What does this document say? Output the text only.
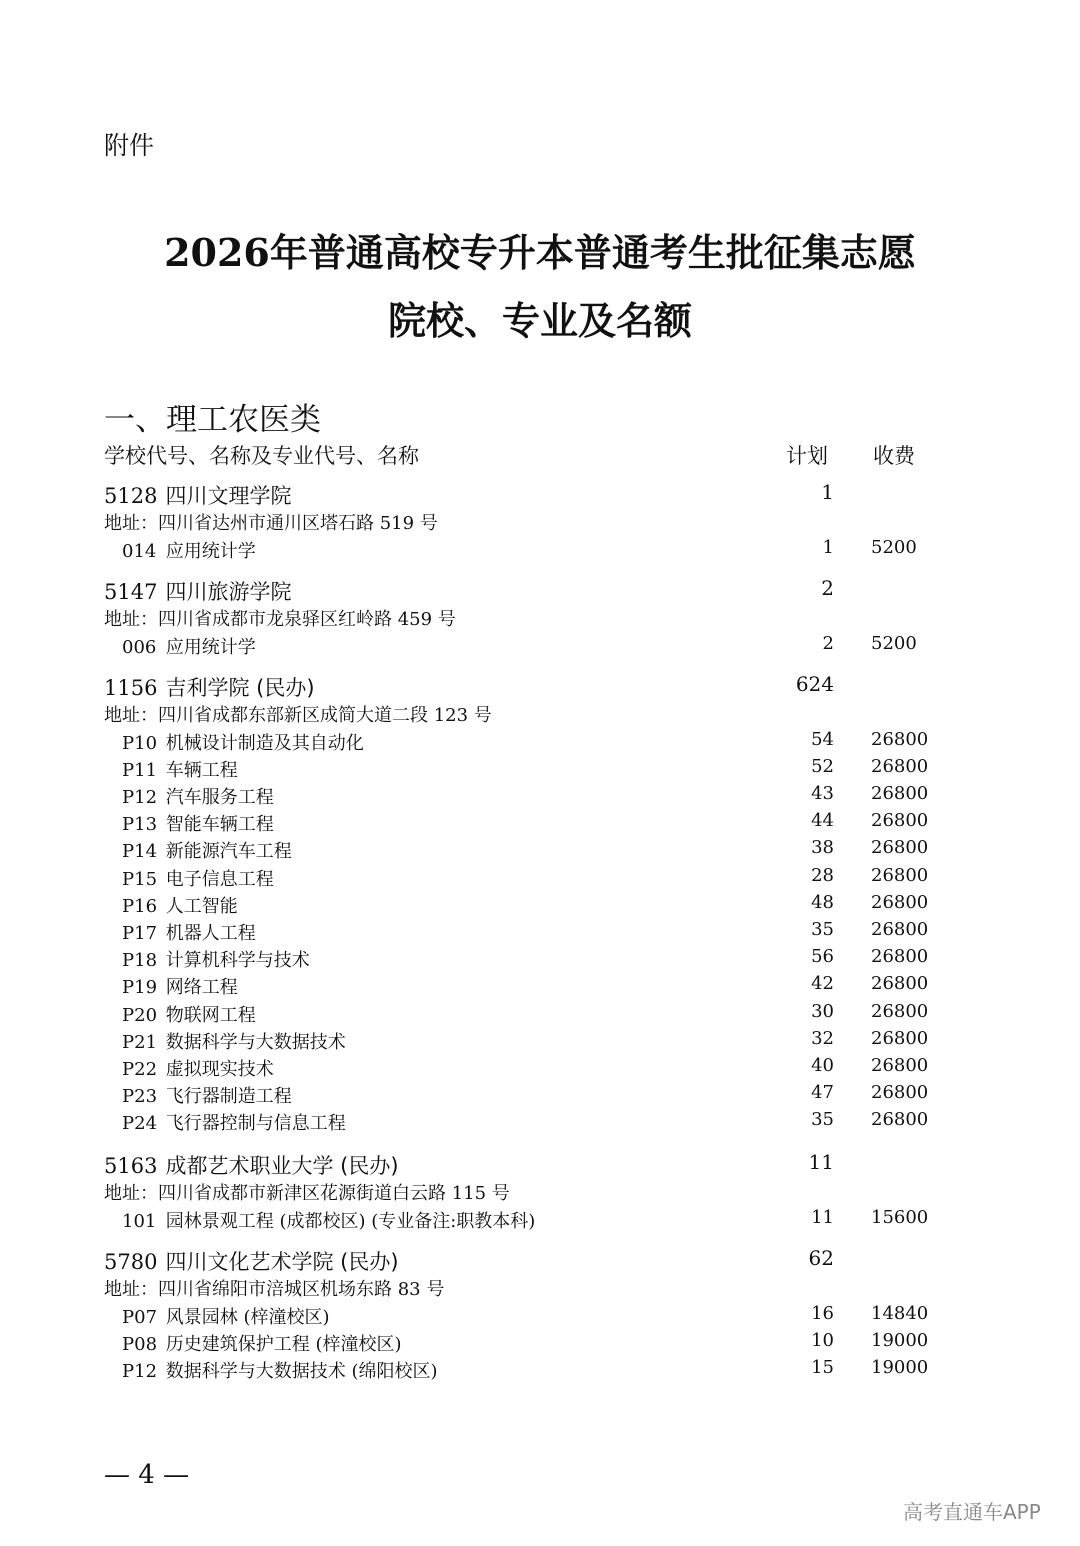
附件
2026年普通高校专升本普通考生批征集志愿
院校、专业及名额
一、理工农医类
学校代号、名称及专业代号、名称	计划 收费
5128 四川文理学院	1
地址：四川省达州市通川区塔石路 519 号
014 应用统计学	1 5200
5147 四川旅游学院	2
地址：四川省成都市龙泉驿区红岭路 459 号
006 应用统计学	2 5200
1156 吉利学院 (民办)	624
地址：四川省成都东部新区成简大道二段 123 号
P10 机械设计制造及其自动化	54 26800
P11 车辆工程	52 26800
P12 汽车服务工程	43 26800
P13 智能车辆工程	44 26800
P14 新能源汽车工程	38 26800
P15 电子信息工程	28 26800
P16 人工智能	48 26800
P17 机器人工程	35 26800
P18 计算机科学与技术	56 26800
P19 网络工程	42 26800
P20 物联网工程	30 26800
P21 数据科学与大数据技术	32 26800
P22 虚拟现实技术	40 26800
P23 飞行器制造工程	47 26800
P24 飞行器控制与信息工程	35 26800
5163 成都艺术职业大学 (民办)	11
地址：四川省成都市新津区花源街道白云路 115 号
101 园林景观工程 (成都校区) (专业备注:职教本科)	11 15600
5780 四川文化艺术学院 (民办)	62
地址：四川省绵阳市涪城区机场东路 83 号
P07 风景园林 (梓潼校区)	16 14840
P08 历史建筑保护工程 (梓潼校区)	10 19000
P12 数据科学与大数据技术 (绵阳校区)	15 19000
— 4 —
高考直通车APP
